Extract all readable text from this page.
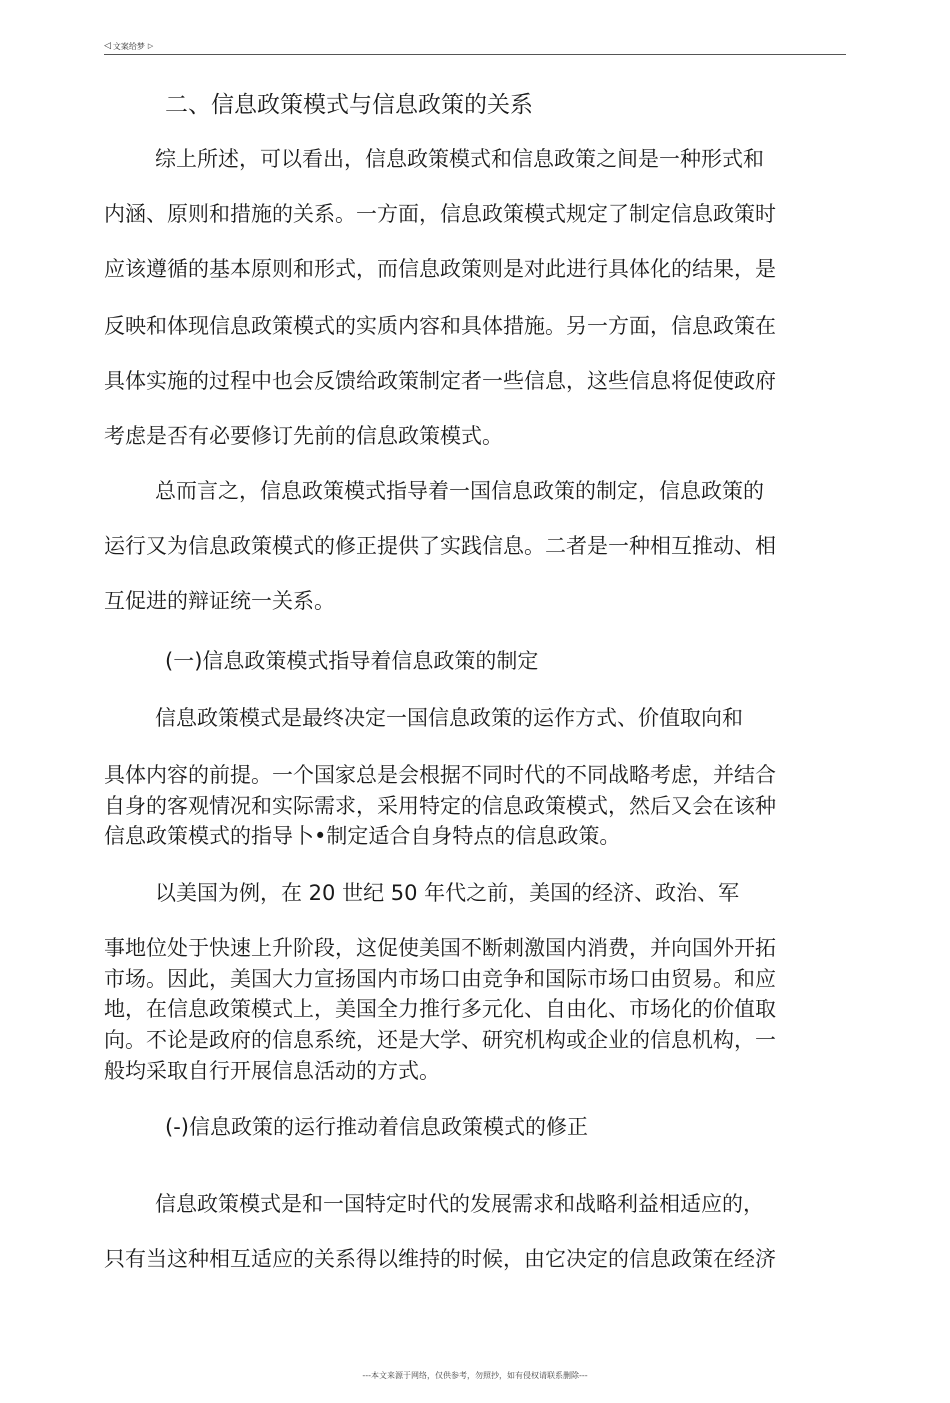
◁ 文案给梦 ▷
二、信息政策模式与信息政策的关系
综上所述，可以看出，信息政策模式和信息政策之间是一种形式和
内涵、原则和措施的关系。一方面，信息政策模式规定了制定信息政策时
应该遵循的基本原则和形式，而信息政策则是对此进行具体化的结果，是
反映和体现信息政策模式的实质内容和具体措施。另一方面，信息政策在
具体实施的过程中也会反馈给政策制定者一些信息，这些信息将促使政府
考虑是否有必要修订先前的信息政策模式。
总而言之，信息政策模式指导着一国信息政策的制定，信息政策的
运行又为信息政策模式的修正提供了实践信息。二者是一种相互推动、相
互促进的辩证统一关系。
(一)信息政策模式指导着信息政策的制定
信息政策模式是最终决定一国信息政策的运作方式、价值取向和
具体内容的前提。一个国家总是会根据不同时代的不同战略考虑，并结合
自身的客观情况和实际需求，采用特定的信息政策模式，然后又会在该种
信息政策模式的指导卜•制定适合自身特点的信息政策。
以美国为例，在 20 世纪 50 年代之前，美国的经济、政治、军
事地位处于快速上升阶段，这促使美国不断刺激国内消费，并向国外开拓
市场。因此，美国大力宣扬国内市场口由竞争和国际市场口由贸易。和应
地，在信息政策模式上，美国全力推行多元化、自由化、市场化的价值取
向。不论是政府的信息系统，还是大学、研究机构或企业的信息机构，一
般均采取自行开展信息活动的方式。
(-)信息政策的运行推动着信息政策模式的修正
信息政策模式是和一国特定时代的发展需求和战略利益相适应的，
只有当这种相互适应的关系得以维持的时候，由它决定的信息政策在经济
---本文来源于网络，仅供参考，勿照抄，如有侵权请联系删除---
